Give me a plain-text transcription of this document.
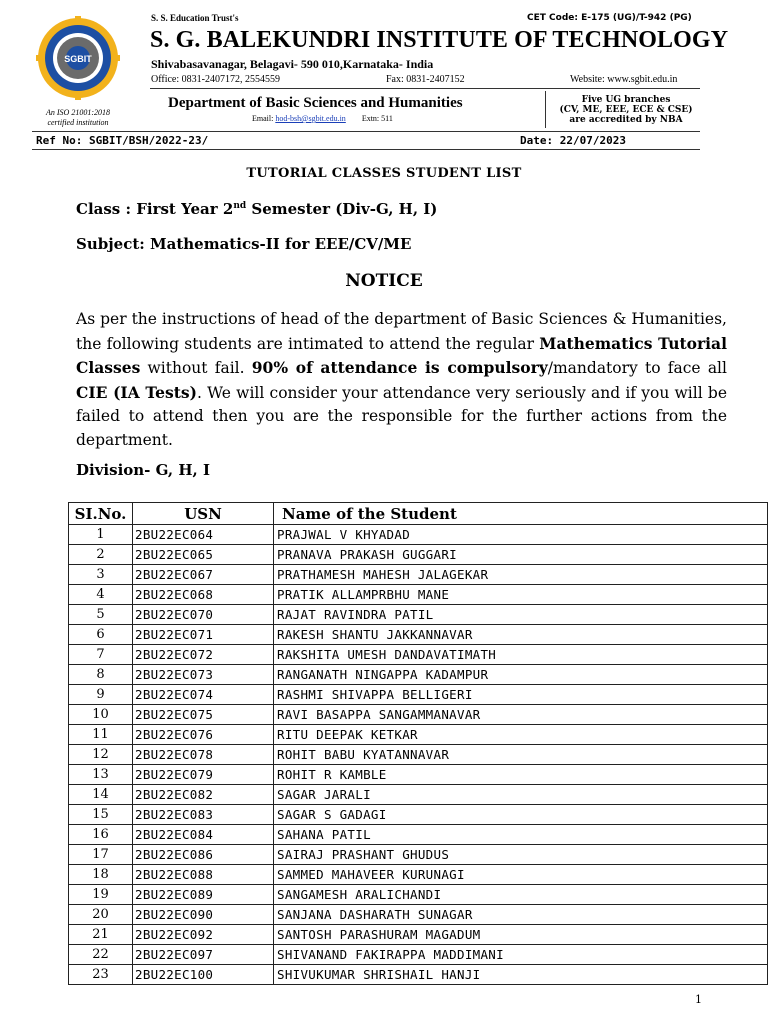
SGBIT
An ISO 21001:2018
certified institution
S. S. Education Trust's	CET Code: E-175 (UG)/T-942 (PG)
S. G. BALEKUNDRI INSTITUTE OF TECHNOLOGY
Shivabasavanagar, Belagavi- 590 010,Karnataka- India
Office: 0831-2407172, 2554559	Fax: 0831-2407152	Website: www.sgbit.edu.in
Department of Basic Sciences and Humanities
Email: hod-bsh@sgbit.edu.in Extn: 511
Five UG branches
(CV, ME, EEE, ECE & CSE)
are accredited by NBA
Ref No: SGBIT/BSH/2022-23/	Date: 22/07/2023
TUTORIAL CLASSES STUDENT LIST
Class : First Year 2nd Semester (Div-G, H, I)
Subject: Mathematics-II for EEE/CV/ME
NOTICE
As per the instructions of head of the department of Basic Sciences & Humanities, the following students are intimated to attend the regular Mathematics Tutorial Classes without fail. 90% of attendance is compulsory/mandatory to face all CIE (IA Tests). We will consider your attendance very seriously and if you will be failed to attend then you are the responsible for the further actions from the department.
Division- G, H, I
SI.No.	USN	Name of the Student
1	2BU22EC064	PRAJWAL V KHYADAD
2	2BU22EC065	PRANAVA PRAKASH GUGGARI
3	2BU22EC067	PRATHAMESH MAHESH JALAGEKAR
4	2BU22EC068	PRATIK ALLAMPRBHU MANE
5	2BU22EC070	RAJAT RAVINDRA PATIL
6	2BU22EC071	RAKESH SHANTU JAKKANNAVAR
7	2BU22EC072	RAKSHITA UMESH DANDAVATIMATH
8	2BU22EC073	RANGANATH NINGAPPA KADAMPUR
9	2BU22EC074	RASHMI SHIVAPPA BELLIGERI
10	2BU22EC075	RAVI BASAPPA SANGAMMANAVAR
11	2BU22EC076	RITU DEEPAK KETKAR
12	2BU22EC078	ROHIT BABU KYATANNAVAR
13	2BU22EC079	ROHIT R KAMBLE
14	2BU22EC082	SAGAR JARALI
15	2BU22EC083	SAGAR S GADAGI
16	2BU22EC084	SAHANA PATIL
17	2BU22EC086	SAIRAJ PRASHANT GHUDUS
18	2BU22EC088	SAMMED MAHAVEER KURUNAGI
19	2BU22EC089	SANGAMESH ARALICHANDI
20	2BU22EC090	SANJANA DASHARATH SUNAGAR
21	2BU22EC092	SANTOSH PARASHURAM MAGADUM
22	2BU22EC097	SHIVANAND FAKIRAPPA MADDIMANI
23	2BU22EC100	SHIVUKUMAR SHRISHAIL HANJI
1
